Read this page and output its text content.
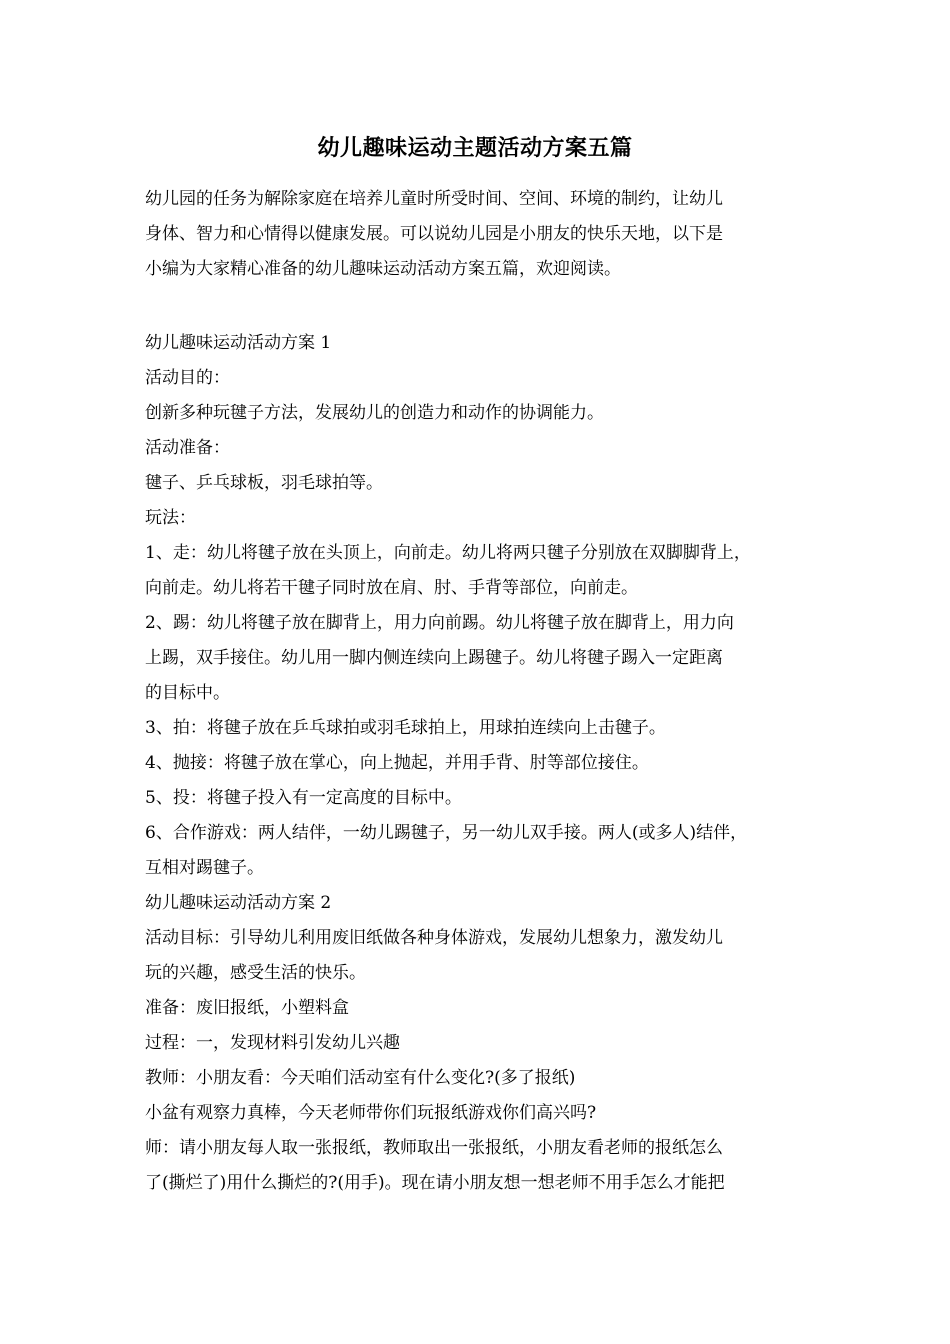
幼儿趣味运动主题活动方案五篇
幼儿园的任务为解除家庭在培养儿童时所受时间、空间、环境的制约，让幼儿
身体、智力和心情得以健康发展。可以说幼儿园是小朋友的快乐天地，以下是
小编为大家精心准备的幼儿趣味运动活动方案五篇，欢迎阅读。
幼儿趣味运动活动方案 1
活动目的：
创新多种玩毽子方法，发展幼儿的创造力和动作的协调能力。
活动准备：
毽子、乒乓球板，羽毛球拍等。
玩法：
1、走：幼儿将毽子放在头顶上，向前走。幼儿将两只毽子分别放在双脚脚背上，
向前走。幼儿将若干毽子同时放在肩、肘、手背等部位，向前走。
2、踢：幼儿将毽子放在脚背上，用力向前踢。幼儿将毽子放在脚背上，用力向
上踢，双手接住。幼儿用一脚内侧连续向上踢毽子。幼儿将毽子踢入一定距离
的目标中。
3、拍：将毽子放在乒乓球拍或羽毛球拍上，用球拍连续向上击毽子。
4、抛接：将毽子放在掌心，向上抛起，并用手背、肘等部位接住。
5、投：将毽子投入有一定高度的目标中。
6、合作游戏：两人结伴，一幼儿踢毽子，另一幼儿双手接。两人(或多人)结伴，
互相对踢毽子。
幼儿趣味运动活动方案 2
活动目标：引导幼儿利用废旧纸做各种身体游戏，发展幼儿想象力，激发幼儿
玩的兴趣，感受生活的快乐。
准备：废旧报纸，小塑料盒
过程：一，发现材料引发幼儿兴趣
教师：小朋友看：今天咱们活动室有什么变化?(多了报纸)
小盆有观察力真棒，今天老师带你们玩报纸游戏你们高兴吗?
师：请小朋友每人取一张报纸，教师取出一张报纸，小朋友看老师的报纸怎么
了(撕烂了)用什么撕烂的?(用手)。现在请小朋友想一想老师不用手怎么才能把
